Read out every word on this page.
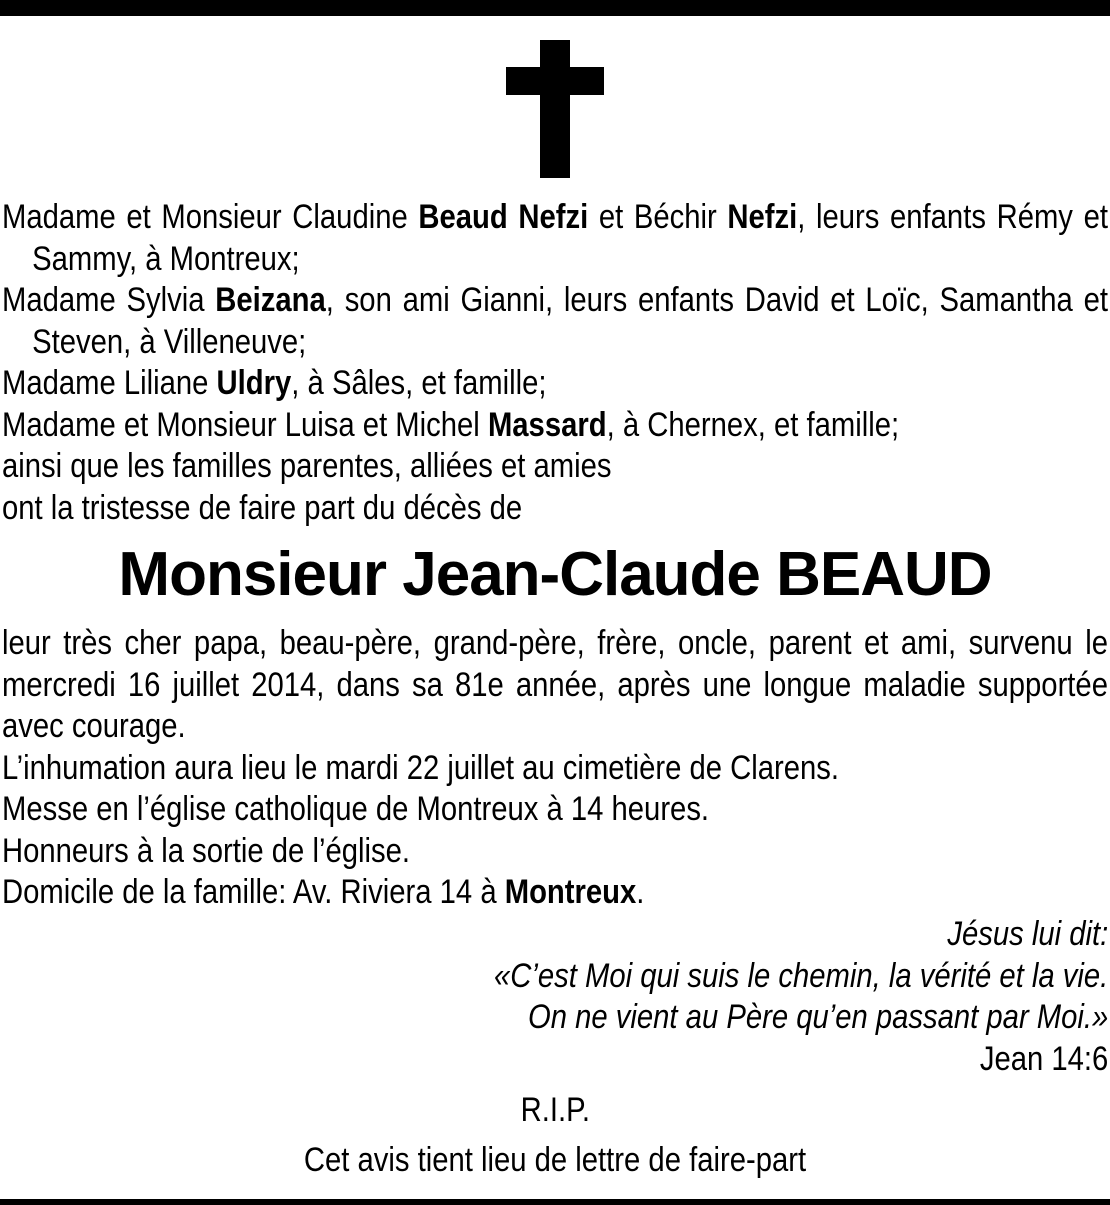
Madame et Monsieur Claudine Beaud Nefzi et Béchir Nefzi, leurs enfants Rémy et Sammy, à Montreux;

Madame Sylvia Beizana, son ami Gianni, leurs enfants David et Loïc, Samantha et Steven, à Villeneuve;

Madame Liliane Uldry, à Sâles, et famille;

Madame et Monsieur Luisa et Michel Massard, à Chernex, et famille;

ainsi que les familles parentes, alliées et amies

ont la tristesse de faire part du décès de

Monsieur Jean-Claude BEAUD

leur très cher papa, beau-père, grand-père, frère, oncle, parent et ami, survenu le mercredi 16 juillet 2014, dans sa 81e année, après une longue maladie supportée avec courage.

L’inhumation aura lieu le mardi 22 juillet au cimetière de Clarens.

Messe en l’église catholique de Montreux à 14 heures.

Honneurs à la sortie de l’église.

Domicile de la famille: Av. Riviera 14 à Montreux.

Jésus lui dit:
«C’est Moi qui suis le chemin, la vérité et la vie.
On ne vient au Père qu’en passant par Moi.»
Jean 14:6
R.I.P.
Cet avis tient lieu de lettre de faire-part
